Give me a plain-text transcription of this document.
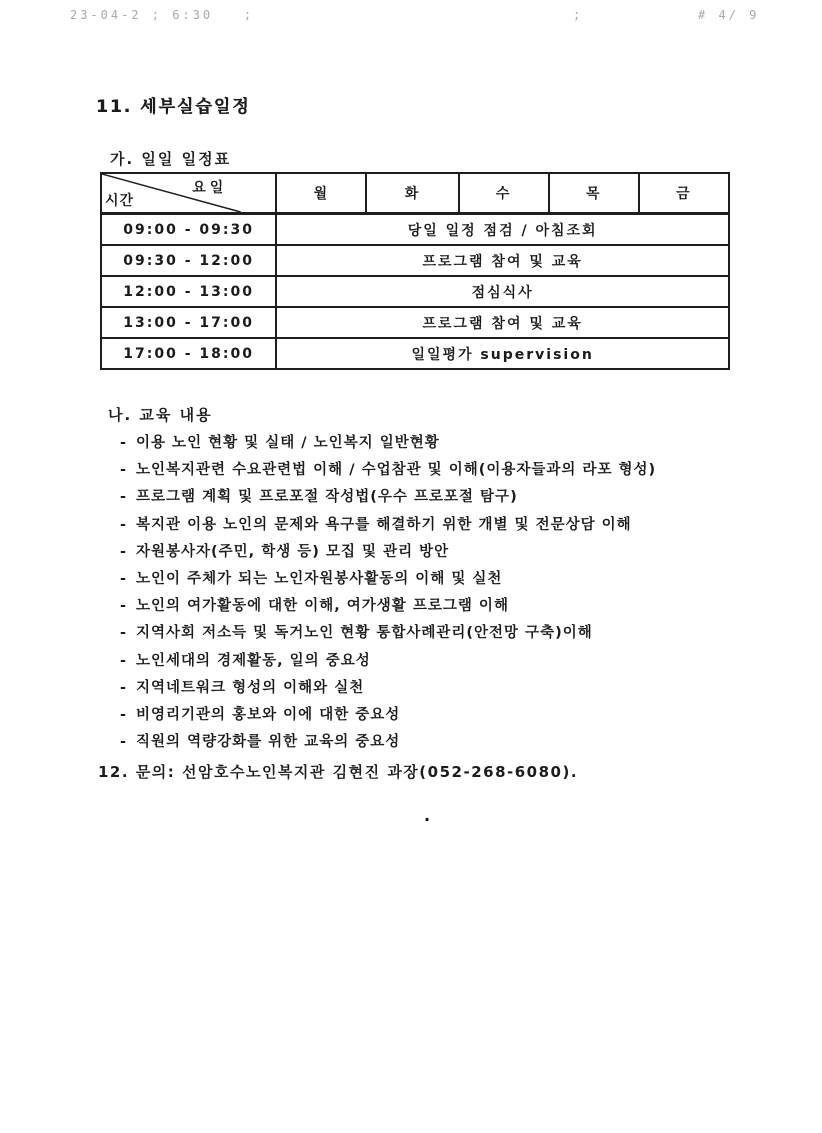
23-04-2 ; 6:30   ;	;	# 4/ 9
11. 세부실습일정
가. 일일 일정표
요일
시간	월	화	수	목	금
09:00 - 09:30	당일 일정 점검 / 아침조회				
09:30 - 12:00	프로그램 참여 및 교육				
12:00 - 13:00	점심식사				
13:00 - 17:00	프로그램 참여 및 교육				
17:00 - 18:00	일일평가 supervision				
나. 교육 내용
- 이용 노인 현황 및 실태 / 노인복지 일반현황
- 노인복지관련 수요관련법 이해 / 수업참관 및 이해(이용자들과의 라포 형성)
- 프로그램 계획 및 프로포절 작성법(우수 프로포절 탐구)
- 복지관 이용 노인의 문제와 욕구를 해결하기 위한 개별 및 전문상담 이해
- 자원봉사자(주민, 학생 등) 모집 및 관리 방안
- 노인이 주체가 되는 노인자원봉사활동의 이해 및 실천
- 노인의 여가활동에 대한 이해, 여가생활 프로그램 이해
- 지역사회 저소득 및 독거노인 현황 통합사례관리(안전망 구축)이해
- 노인세대의 경제활동, 일의 중요성
- 지역네트워크 형성의 이해와 실천
- 비영리기관의 홍보와 이에 대한 중요성
- 직원의 역량강화를 위한 교육의 중요성
12. 문의: 선암호수노인복지관 김현진 과장(052-268-6080).
.
